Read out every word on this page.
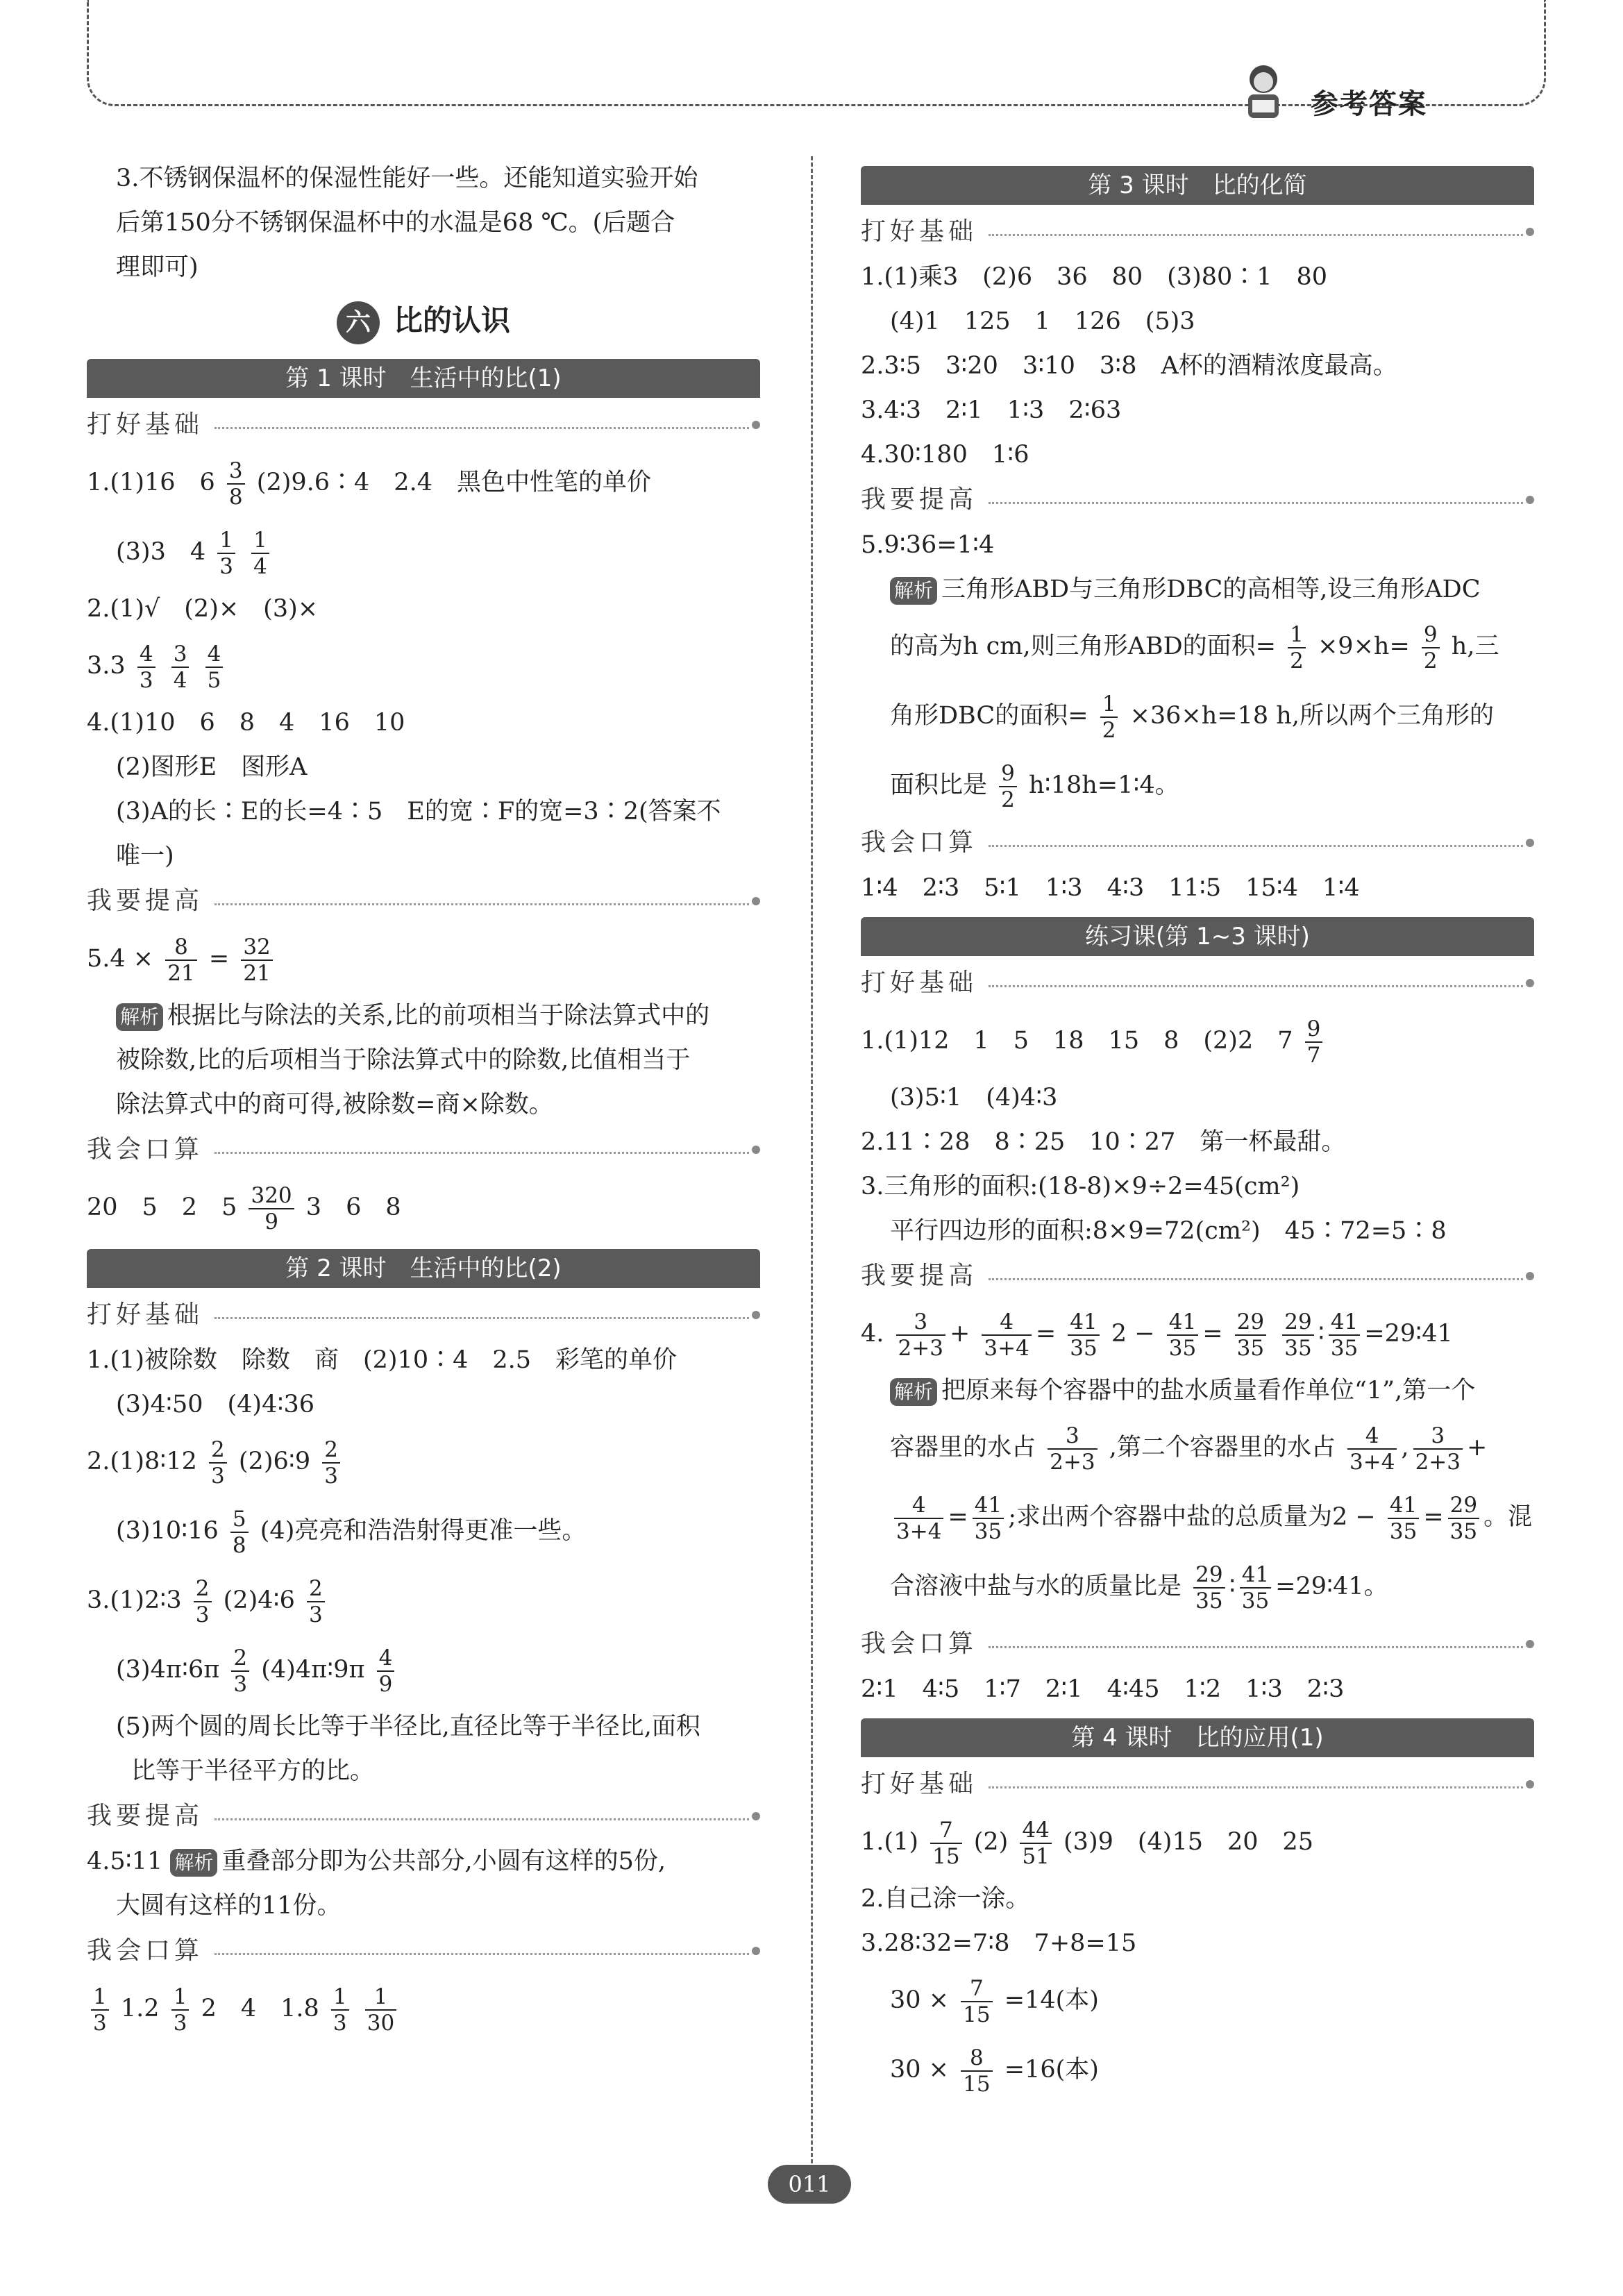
参考答案
3.不锈钢保温杯的保湿性能好一些。还能知道实验开始
后第150分不锈钢保温杯中的水温是68 ℃。(后题合
理即可)
六 比的认识
第 1 课时　生活中的比(1)
打好基础
1.(1)16　$6 \frac{3}{8}$ (2)9.6∶4　2.4　黑色中性笔的单价
(3)3　$4 \frac{1}{3}$
$\frac{1}{4}$
2.(1)√　(2)×　(3)×
$3.3 \frac{4}{3}$
$\frac{3}{4}$
$\frac{4}{5}$
4.(1)10　6　8　4　16　10
(2)图形E　图形A
(3)A的长∶E的长=4∶5　E的宽∶F的宽=3∶2(答案不
唯一)
我要提高
$5.4 \times \frac{8}{21} = \frac{32}{21}$
解析 根据比与除法的关系,比的前项相当于除法算式中的
被除数,比的后项相当于除法算式中的除数,比值相当于
除法算式中的商可得,被除数=商×除数。
我会口算
20　5　2　$5 \frac{320}{9} 3$　6　8
第 2 课时　生活中的比(2)
打好基础
1.(1)被除数　除数　商　(2)10∶4　2.5　彩笔的单价
(3)4∶50　(4)4∶36
2.(1)8∶12 $\frac{2}{3}$ (2)6∶9 $\frac{2}{3}$
(3)10∶16 $\frac{5}{8} (4)$亮亮和浩浩射得更准一些。
3.(1)2∶3 $\frac{2}{3}$ (2)4∶6 $\frac{2}{3}$
(3)4π∶6π $\frac{2}{3}$ (4)4π∶9π $\frac{4}{9}$
(5)两个圆的周长比等于半径比,直径比等于半径比,面积
比等于半径平方的比。
我要提高
4.5∶11 解析 重叠部分即为公共部分,小圆有这样的5份,
大圆有这样的11份。
我会口算
$\frac{1}{3} 1.2 \frac{1}{3} 2$　4　$1.8 \frac{1}{3}$
$\frac{1}{30}$
第 3 课时　比的化简
打好基础
1.(1)乘3　(2)6　36　80　(3)80∶1　80
(4)1　125　1　126　(5)3
2.3∶5　3∶20　3∶10　3∶8　A杯的酒精浓度最高。
3.4∶3　2∶1　1∶3　2∶63
4.30∶180　1∶6
我要提高
5.9∶36=1∶4
解析 三角形ABD与三角形DBC的高相等,设三角形ADC
的高为h cm,则三角形ABD的面积= $\frac{1}{2} \times 9\times h= \frac{9}{2} h$,三
角形DBC的面积= $\frac{1}{2} \times 36\times h=18$ h,所以两个三角形的
面积比是 $\frac{9}{2}$ h∶18h=1∶4。
我会口算
1∶4　2∶3　5∶1　1∶3　4∶3　11∶5　15∶4　1∶4
练习课(第 1~3 课时)
打好基础
1.(1)12　1　5　18　15　8　(2)2　$7 \frac{9}{7}$
(3)5∶1　(4)4∶3
2.11∶28　8∶25　10∶27　第一杯最甜。
3.三角形的面积:(18-8)×9÷2=45(cm²)
平行四边形的面积:8×9=72(cm²)　45∶72=5∶8
我要提高
4. $\frac{3}{2+3} + \frac{4}{3+4} = \frac{41}{35} 2 - \frac{41}{35} = \frac{29}{35}$
$\frac{29}{35}$ ∶ $\frac{41}{35}$ =29∶41
解析 把原来每个容器中的盐水质量看作单位“1”,第一个
容器里的水占 $\frac{3}{2+3}$ ,第二个容器里的水占 $\frac{4}{3+4}$ , $\frac{3}{2+3}$ +
$\frac{4}{3+4} = \frac{41}{35}$ ;求出两个容器中盐的总质量为$2 - \frac{41}{35} = \frac{29}{35}$ 。混
合溶液中盐与水的质量比是 $\frac{29}{35}$ ∶ $\frac{41}{35}$ =29∶41。
我会口算
2∶1　4∶5　1∶7　2∶1　4∶45　1∶2　1∶3　2∶3
第 4 课时　比的应用(1)
打好基础
$1.(1) \frac{7}{15} (2) \frac{44}{51} (3)9$　(4)15　20　25
2.自己涂一涂。
3.28∶32=7∶8　7+8=15
$30 \times \frac{7}{15} =14$(本)
$30 \times \frac{8}{15} =16$(本)
011
